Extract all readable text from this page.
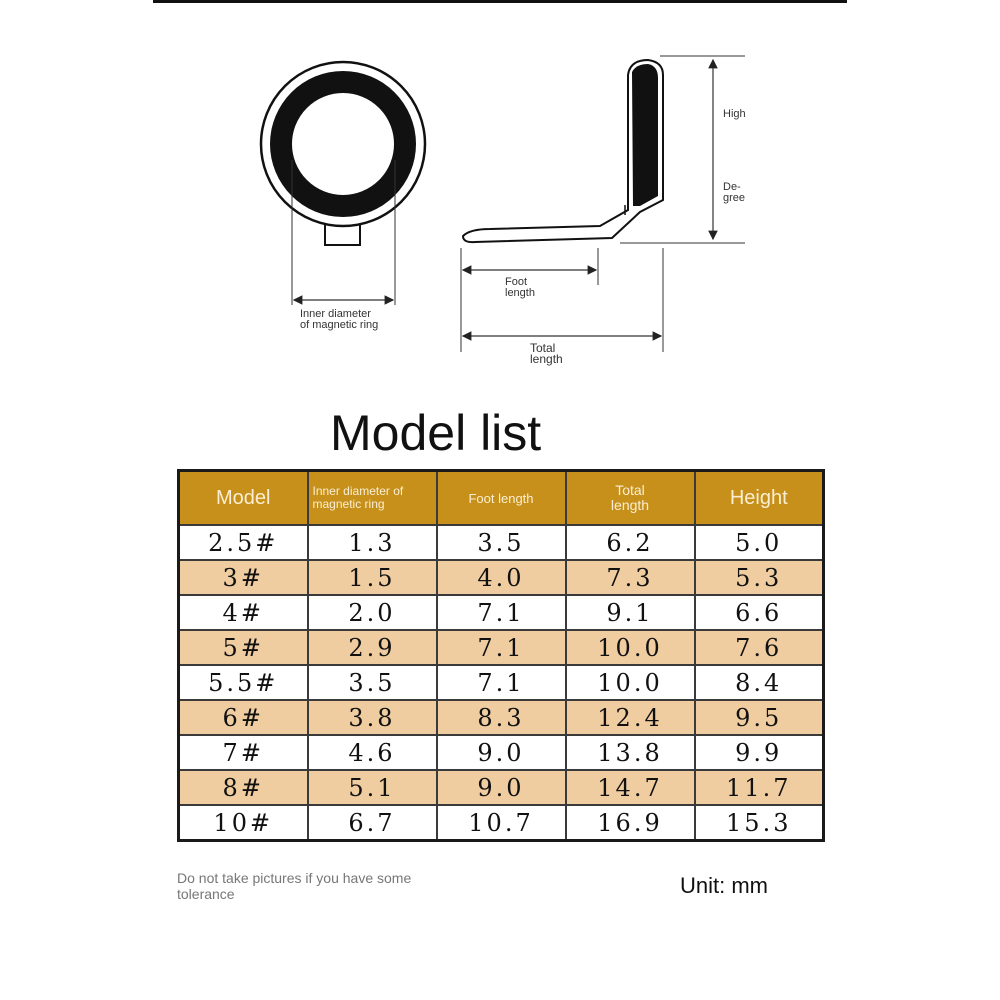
Inner diameter
of magnetic ring
Foot
length
Total
length
High
De-
gree
Model list
Model	Inner diameter of magnetic ring	Foot length	Total length	Height
2.5#	1.3	3.5	6.2	5.0
3#	1.5	4.0	7.3	5.3
4#	2.0	7.1	9.1	6.6
5#	2.9	7.1	10.0	7.6
5.5#	3.5	7.1	10.0	8.4
6#	3.8	8.3	12.4	9.5
7#	4.6	9.0	13.8	9.9
8#	5.1	9.0	14.7	11.7
10#	6.7	10.7	16.9	15.3
Do not take pictures if you have some tolerance	Unit: mm
